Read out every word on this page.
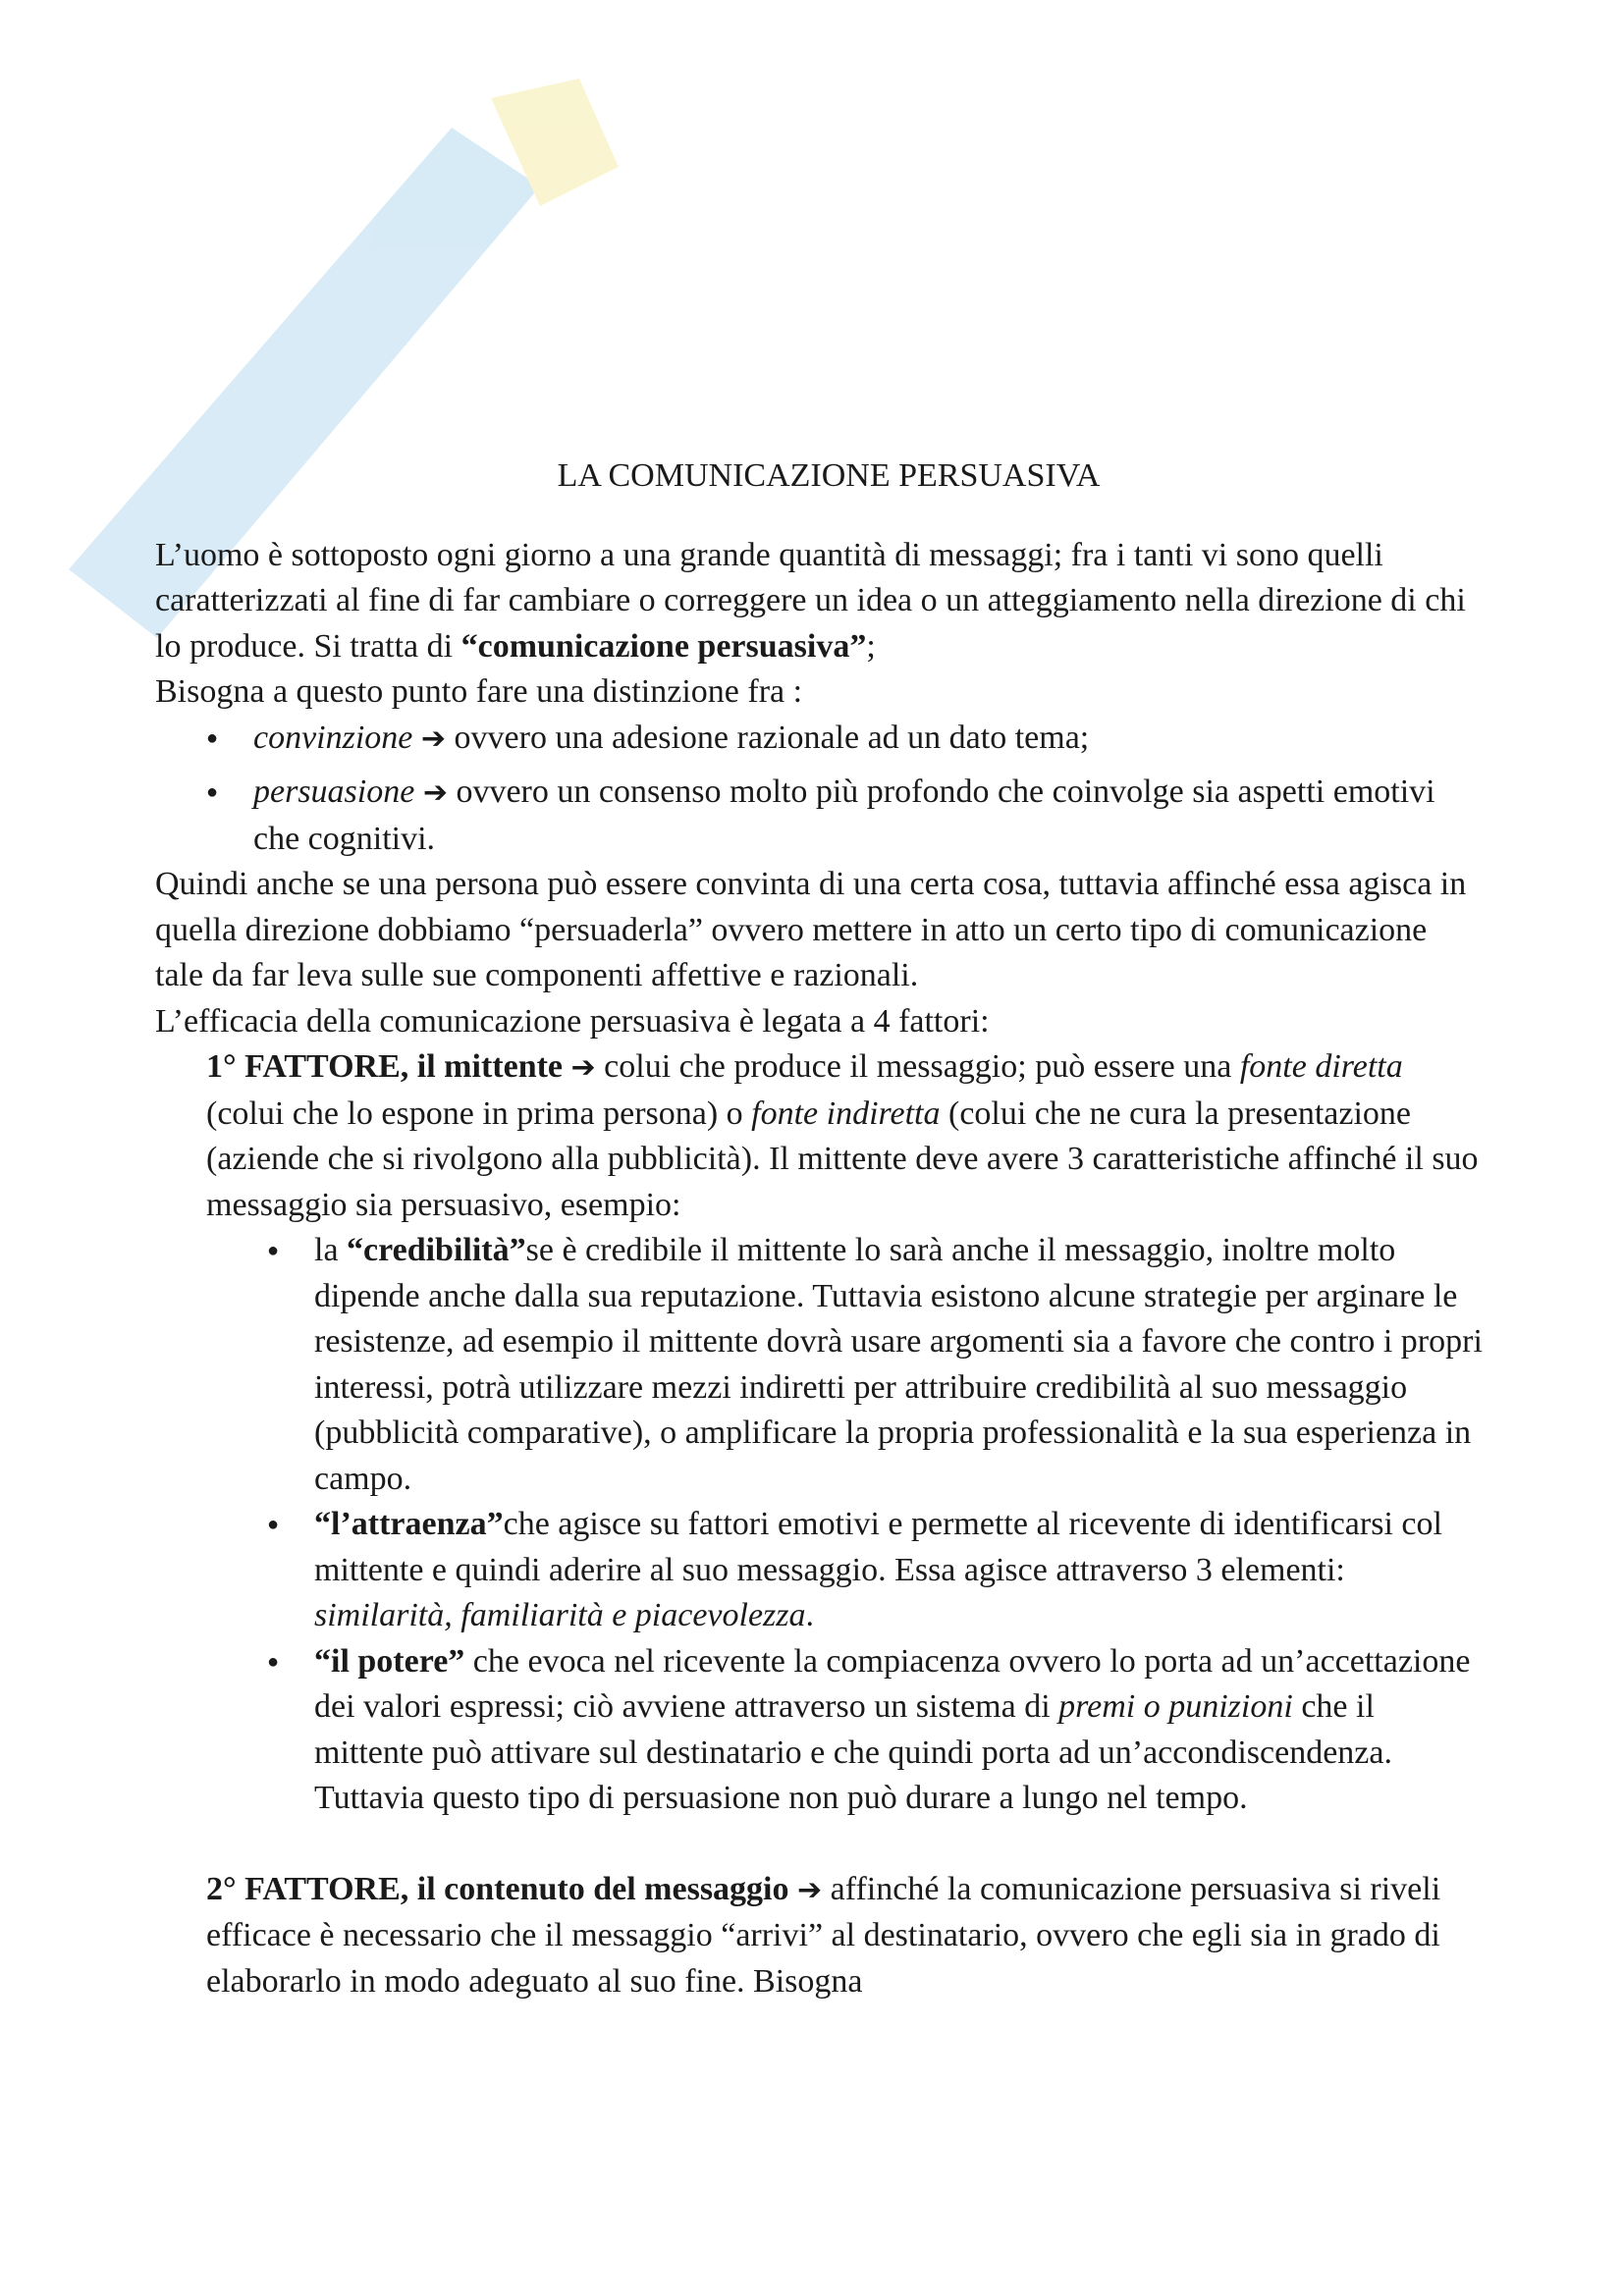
LA COMUNICAZIONE PERSUASIVA

L’uomo è sottoposto ogni giorno a una grande quantità di messaggi; fra i tanti vi sono quelli caratterizzati al fine di far cambiare o correggere un idea o un atteggiamento nella direzione di chi lo produce. Si tratta di “comunicazione persuasiva”;

Bisogna a questo punto fare una distinzione fra :

● convinzione ➔ ovvero una adesione razionale ad un dato tema;
● persuasione ➔ ovvero un consenso molto più profondo che coinvolge sia aspetti emotivi che cognitivi.

Quindi anche se una persona può essere convinta di una certa cosa, tuttavia affinché essa agisca in quella direzione dobbiamo “persuaderla” ovvero mettere in atto un certo tipo di comunicazione tale da far leva sulle sue componenti affettive e razionali.

L’efficacia della comunicazione persuasiva è legata a 4 fattori:

1° FATTORE, il mittente ➔ colui che produce il messaggio; può essere una fonte diretta (colui che lo espone in prima persona) o fonte indiretta (colui che ne cura la presentazione (aziende che si rivolgono alla pubblicità). Il mittente deve avere 3 caratteristiche affinché il suo messaggio sia persuasivo, esempio:
● la “credibilità”se è credibile il mittente lo sarà anche il messaggio, inoltre molto dipende anche dalla sua reputazione. Tuttavia esistono alcune strategie per arginare le resistenze, ad esempio il mittente dovrà usare argomenti sia a favore che contro i propri interessi, potrà utilizzare mezzi indiretti per attribuire credibilità al suo messaggio (pubblicità comparative), o amplificare la propria professionalità e la sua esperienza in campo.
● “l’attraenza”che agisce su fattori emotivi e permette al ricevente di identificarsi col mittente e quindi aderire al suo messaggio. Essa agisce attraverso 3 elementi: similarità, familiarità e piacevolezza.
● “il potere” che evoca nel ricevente la compiacenza ovvero lo porta ad un’accettazione dei valori espressi; ciò avviene attraverso un sistema di premi o punizioni che il mittente può attivare sul destinatario e che quindi porta ad un’accondiscendenza. Tuttavia questo tipo di persuasione non può durare a lungo nel tempo.
2° FATTORE, il contenuto del messaggio ➔ affinché la comunicazione persuasiva si riveli efficace è necessario che il messaggio “arrivi” al destinatario, ovvero che egli sia in grado di elaborarlo in modo adeguato al suo fine. Bisogna
